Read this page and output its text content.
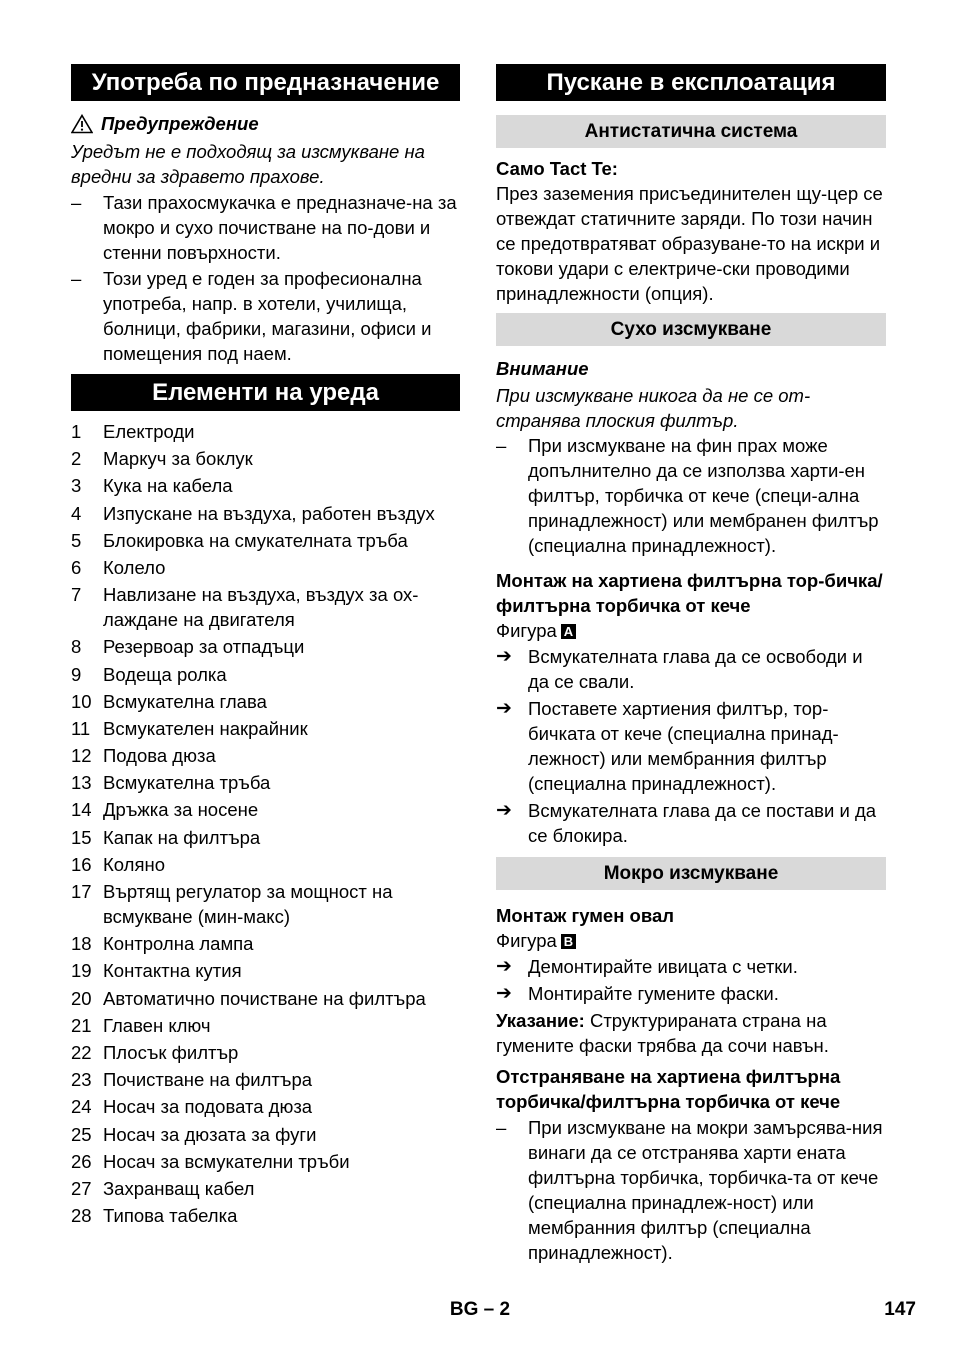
Употреба по предназначение
Предупреждение

Уредът не е подходящ за изсмукване на вредни за здравето прахове.

– Тази прахосмукачка е предназначе-на за мокро и сухо почистване на по-дови и стенни повърхности.

– Този уред е годен за професионална употреба, напр. в хотели, училища, болници, фабрики, магазини, офиси и помещения под наем.

Елементи на уреда
1 Електроди
2 Маркуч за боклук
3 Кука на кабела
4 Изпускане на въздуха, работен въздух
5 Блокировка на смукателната тръба
6 Колело
7 Навлизане на въздуха, въздух за ох-лаждане на двигателя
8 Резервоар за отпадъци
9 Водеща ролка
10 Всмукателна глава
11 Всмукателен накрайник
12 Подова дюза
13 Всмукателна тръба
14 Дръжка за носене
15 Капак на филтъра
16 Коляно
17 Въртящ регулатор за мощност на всмукване (мин-макс)
18 Контролна лампа
19 Контактна кутия
20 Автоматично почистване на филтъра
21 Главен ключ
22 Плосък филтър
23 Почистване на филтъра
24 Носач за подовата дюза
25 Носач за дюзата за фуги
26 Носач за всмукателни тръби
27 Захранващ кабел
28 Типова табелка
Пускане в експлоатация
Антистатична система

Само Tact Te:

През заземения присъединителен щу-цер се отвеждат статичните заряди. По този начин се предотвратяват образуване-то на искри и токови удари с електриче-ски проводими принадлежности (опция).

Сухо изсмукване

Внимание

При изсмукване никога да не се от-странява плоския филтър.

– При изсмукване на фин прах може допълнително да се използва харти-ен филтър, торбичка от кече (специ-ална принадлежност) или мембранен филтър (специална принадлежност).

Монтаж на хартиена филтърна тор-бичка/филтърна торбичка от кече

Фигура A

➔ Всмукателната глава да се освободи и да се свали.

➔ Поставете хартиения филтър, тор-бичката от кече (специална принад-лежност) или мембранния филтър (специална принадлежност).

➔ Всмукателната глава да се постави и да се блокира.

Мокро изсмукване

Монтаж гумен овал

Фигура B

➔ Демонтирайте ивицата с четки.

➔ Монтирайте гумените фаски.

Указание: Структурираната страна на гумените фаски трябва да сочи навън.

Отстраняване на хартиена филтърна торбичка/филтърна торбичка от кече

– При изсмукване на мокри замърсява-ния винаги да се отстранява харти ената филтърна торбичка, торбичка-та от кече (специална принадлеж-ност) или мембранния филтър (специална принадлежност).

BG – 2	147
